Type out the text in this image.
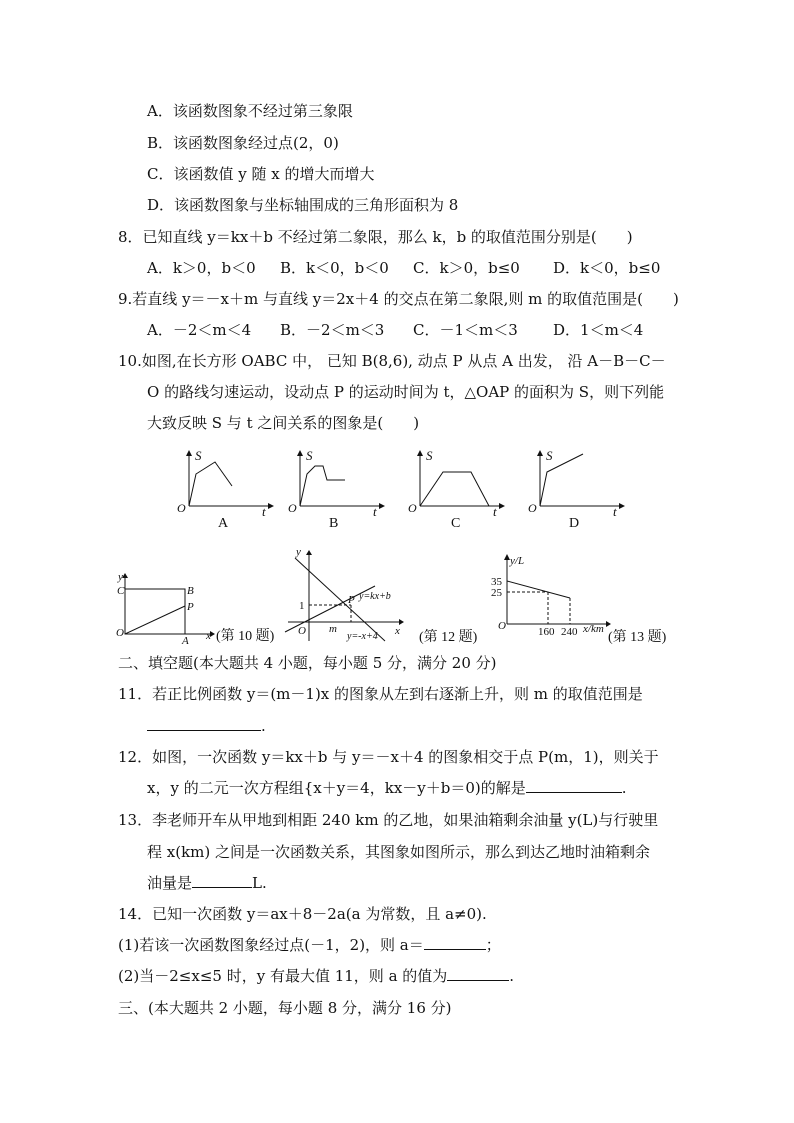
A．该函数图象不经过第三象限
B．该函数图象经过点(2，0)
C．该函数值 y 随 x 的增大而增大
D．该函数图象与坐标轴围成的三角形面积为 8
8．已知直线 y＝kx＋b 不经过第二象限，那么 k，b 的取值范围分别是(　　)
A．k＞0，b＜0 B．k＜0，b＜0 C．k＞0，b≤0 D．k＜0，b≤0
9.若直线 y＝－x＋m 与直线 y＝2x＋4 的交点在第二象限,则 m 的取值范围是(　　)
A．－2＜m＜4 B．－2＜m＜3 C．－1＜m＜3 D．1＜m＜4
10.如图,在长方形 OABC 中， 已知 B(8,6), 动点 P 从点 A 出发， 沿 A－B－C－
O 的路线匀速运动，设动点 P 的运动时间为 t，△OAP 的面积为 S，则下列能
大致反映 S 与 t 之间关系的图象是(　　)
S
t
O
A
S
t
O
B
S
t
O
C
S
t
O
D
y
C	B
P
O
A x (第 10 题)
y
1	P y=kx+b
O m
y=-x+4 x (第 12 题)
y/L
35
25
O	160 240 x/km
(第 13 题)
二、填空题(本大题共 4 小题，每小题 5 分，满分 20 分)
11．若正比例函数 y＝(m－1)x 的图象从左到右逐渐上升，则 m 的取值范围是
.
12．如图，一次函数 y＝kx＋b 与 y＝－x＋4 的图象相交于点 P(m，1)，则关于
x，y 的二元一次方程组{x＋y＝4，kx－y＋b＝0)的解是	.
13．李老师开车从甲地到相距 240 km 的乙地，如果油箱剩余油量 y(L)与行驶里
程 x(km) 之间是一次函数关系，其图象如图所示，那么到达乙地时油箱剩余
油量是	L.
14．已知一次函数 y＝ax＋8－2a(a 为常数，且 a≠0).
(1)若该一次函数图象经过点(－1，2)，则 a＝	；
(2)当－2≤x≤5 时，y 有最大值 11，则 a 的值为	.
三、(本大题共 2 小题，每小题 8 分，满分 16 分)
